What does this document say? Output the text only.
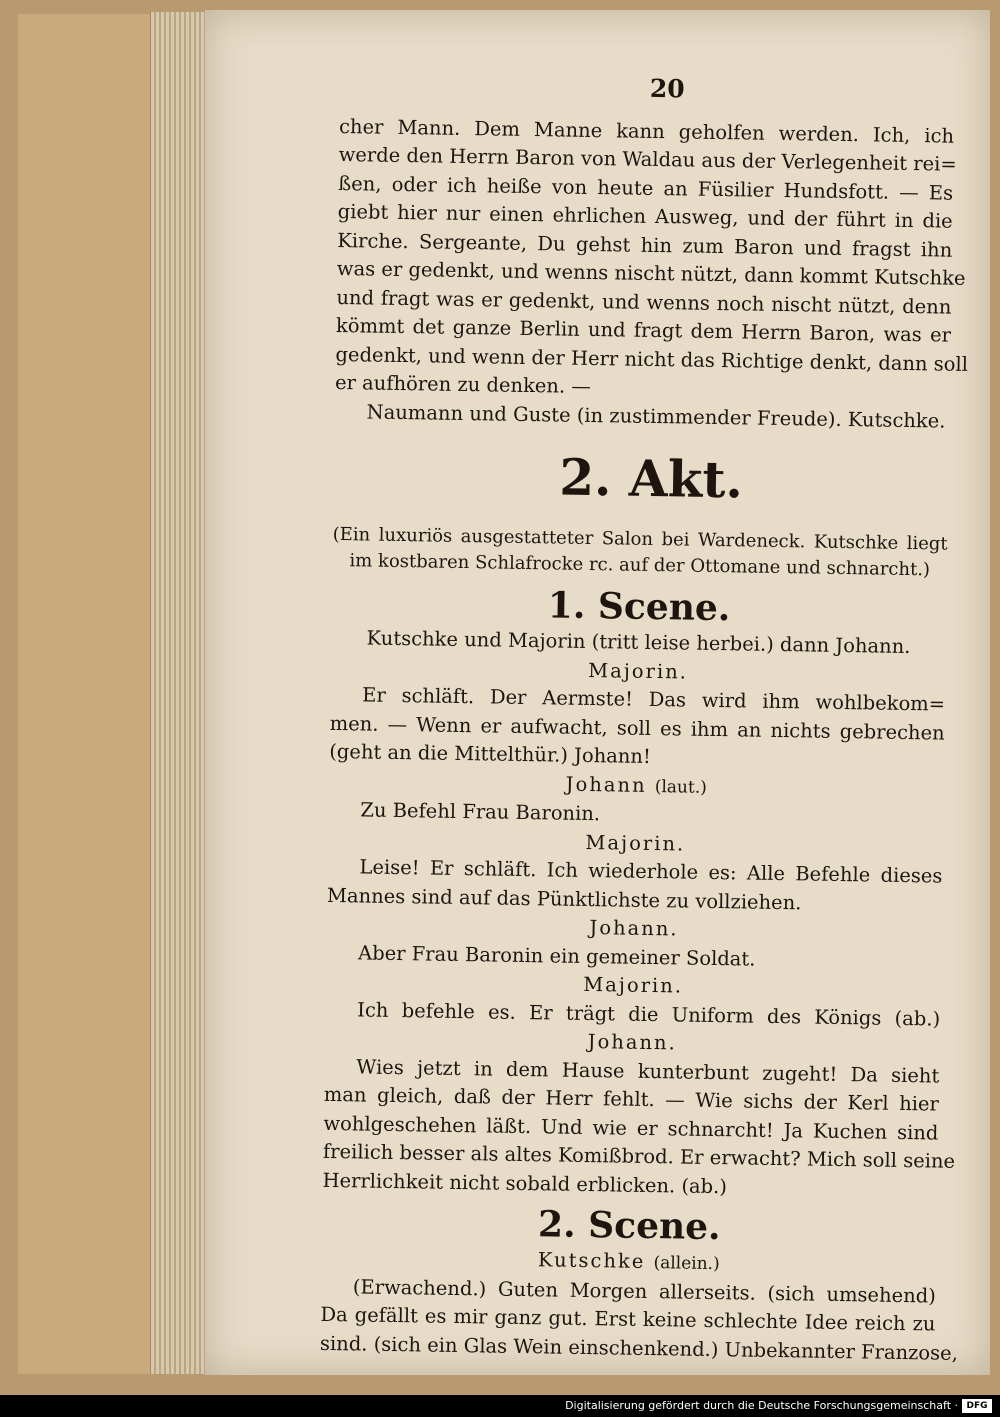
20
cher Mann. Dem Manne kann geholfen werden. Ich, ich
werde den Herrn Baron von Waldau aus der Verlegenheit rei=
ßen, oder ich heiße von heute an Füsilier Hundsfott. — Es
giebt hier nur einen ehrlichen Ausweg, und der führt in die
Kirche. Sergeante, Du gehst hin zum Baron und fragst ihn
was er gedenkt, und wenns nischt nützt, dann kommt Kutschke
und fragt was er gedenkt, und wenns noch nischt nützt, denn
kömmt det ganze Berlin und fragt dem Herrn Baron, was er
gedenkt, und wenn der Herr nicht das Richtige denkt, dann soll
er aufhören zu denken. —
Naumann und Guste (in zustimmender Freude). Kutschke.
2. Akt.
(Ein luxuriös ausgestatteter Salon bei Wardeneck. Kutschke liegt
im kostbaren Schlafrocke rc. auf der Ottomane und schnarcht.)
1. Scene.
Kutschke und Majorin (tritt leise herbei.) dann Johann.
Majorin.
Er schläft. Der Aermste! Das wird ihm wohlbekom=
men. — Wenn er aufwacht, soll es ihm an nichts gebrechen
(geht an die Mittelthür.) Johann!
Johann (laut.)
Zu Befehl Frau Baronin.
Majorin.
Leise! Er schläft. Ich wiederhole es: Alle Befehle dieses
Mannes sind auf das Pünktlichste zu vollziehen.
Johann.
Aber Frau Baronin ein gemeiner Soldat.
Majorin.
Ich befehle es. Er trägt die Uniform des Königs (ab.)
Johann.
Wies jetzt in dem Hause kunterbunt zugeht! Da sieht
man gleich, daß der Herr fehlt. — Wie sichs der Kerl hier
wohlgeschehen läßt. Und wie er schnarcht! Ja Kuchen sind
freilich besser als altes Komißbrod. Er erwacht? Mich soll seine
Herrlichkeit nicht sobald erblicken. (ab.)
2. Scene.
Kutschke (allein.)
(Erwachend.) Guten Morgen allerseits. (sich umsehend)
Da gefällt es mir ganz gut. Erst keine schlechte Idee reich zu
sind. (sich ein Glas Wein einschenkend.) Unbekannter Franzose,
Digitalisierung gefördert durch die Deutsche Forschungsgemeinschaft · DFG
